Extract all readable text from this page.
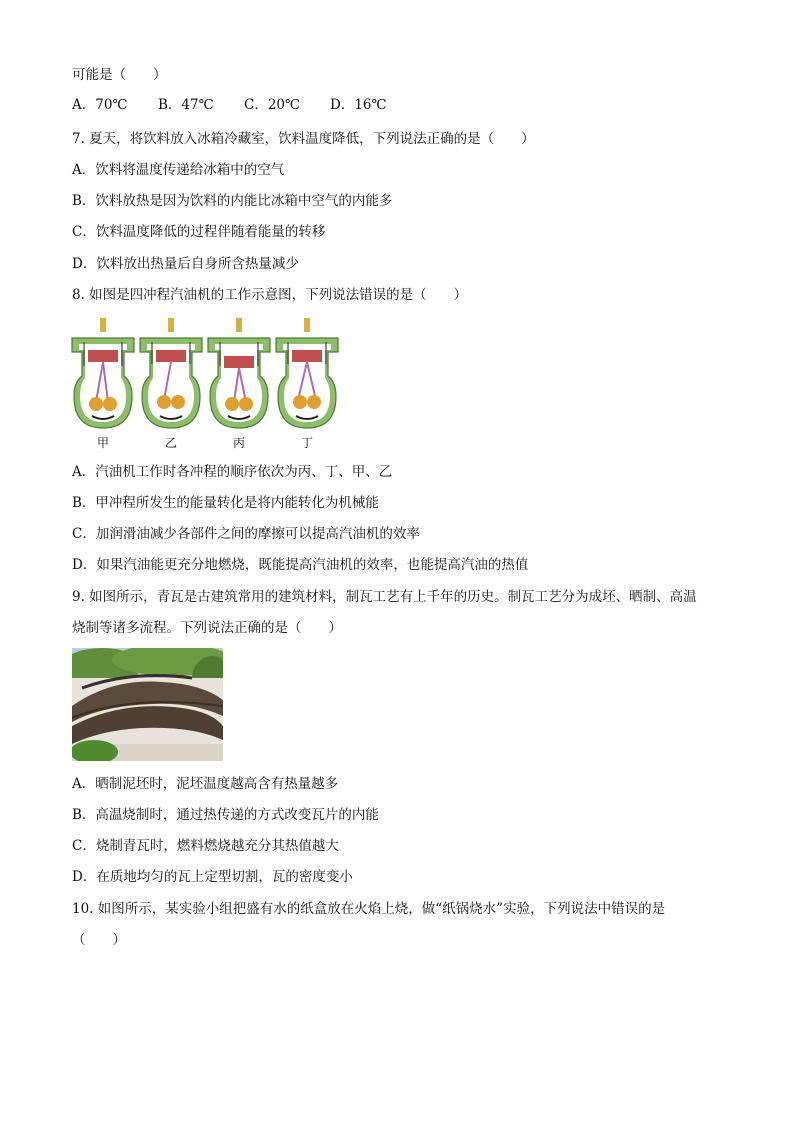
可能是（　　）
A．70℃ B．47℃ C．20℃ D．16℃
7. 夏天，将饮料放入冰箱冷藏室，饮料温度降低，下列说法正确的是（　　）
A．饮料将温度传递给冰箱中的空气
B．饮料放热是因为饮料的内能比冰箱中空气的内能多
C．饮料温度降低的过程伴随着能量的转移
D．饮料放出热量后自身所含热量减少
8. 如图是四冲程汽油机的工作示意图，下列说法错误的是（　　）
甲	乙	丙	丁
A．汽油机工作时各冲程的顺序依次为丙、丁、甲、乙
B．甲冲程所发生的能量转化是将内能转化为机械能
C．加润滑油减少各部件之间的摩擦可以提高汽油机的效率
D．如果汽油能更充分地燃烧，既能提高汽油机的效率，也能提高汽油的热值
9. 如图所示，青瓦是古建筑常用的建筑材料，制瓦工艺有上千年的历史。制瓦工艺分为成坯、晒制、高温
烧制等诸多流程。下列说法正确的是（　　）
A．晒制泥坯时，泥坯温度越高含有热量越多
B．高温烧制时，通过热传递的方式改变瓦片的内能
C．烧制青瓦时，燃料燃烧越充分其热值越大
D．在质地均匀的瓦上定型切割，瓦的密度变小
10. 如图所示，某实验小组把盛有水的纸盒放在火焰上烧，做“纸锅烧水”实验，下列说法中错误的是
（　　）
